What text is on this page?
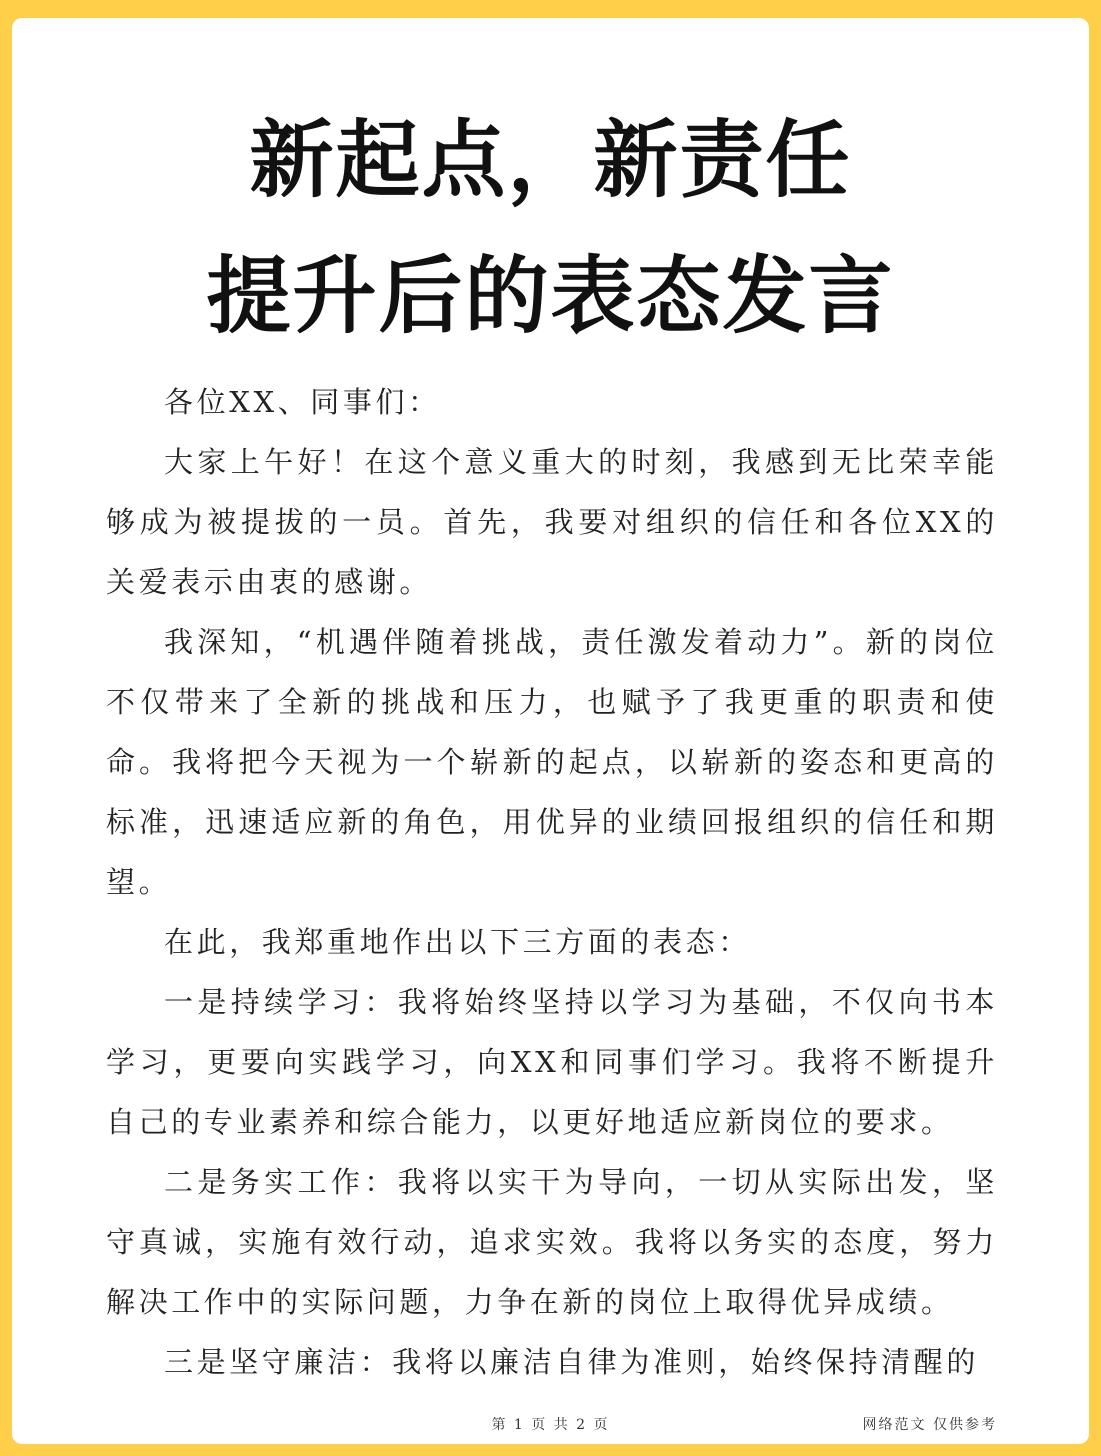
新起点，新责任
提升后的表态发言

各位XX、同事们：

大家上午好！在这个意义重大的时刻，我感到无比荣幸能够成为被提拔的一员。首先，我要对组织的信任和各位XX的关爱表示由衷的感谢。

我深知，“机遇伴随着挑战，责任激发着动力”。新的岗位不仅带来了全新的挑战和压力，也赋予了我更重的职责和使命。我将把今天视为一个崭新的起点，以崭新的姿态和更高的标准，迅速适应新的角色，用优异的业绩回报组织的信任和期望。

在此，我郑重地作出以下三方面的表态：

一是持续学习：我将始终坚持以学习为基础，不仅向书本学习，更要向实践学习，向XX和同事们学习。我将不断提升自己的专业素养和综合能力，以更好地适应新岗位的要求。

二是务实工作：我将以实干为导向，一切从实际出发，坚守真诚，实施有效行动，追求实效。我将以务实的态度，努力解决工作中的实际问题，力争在新的岗位上取得优异成绩。

三是坚守廉洁：我将以廉洁自律为准则，始终保持清醒的

第 1 页 共 2 页	网络范文 仅供参考
